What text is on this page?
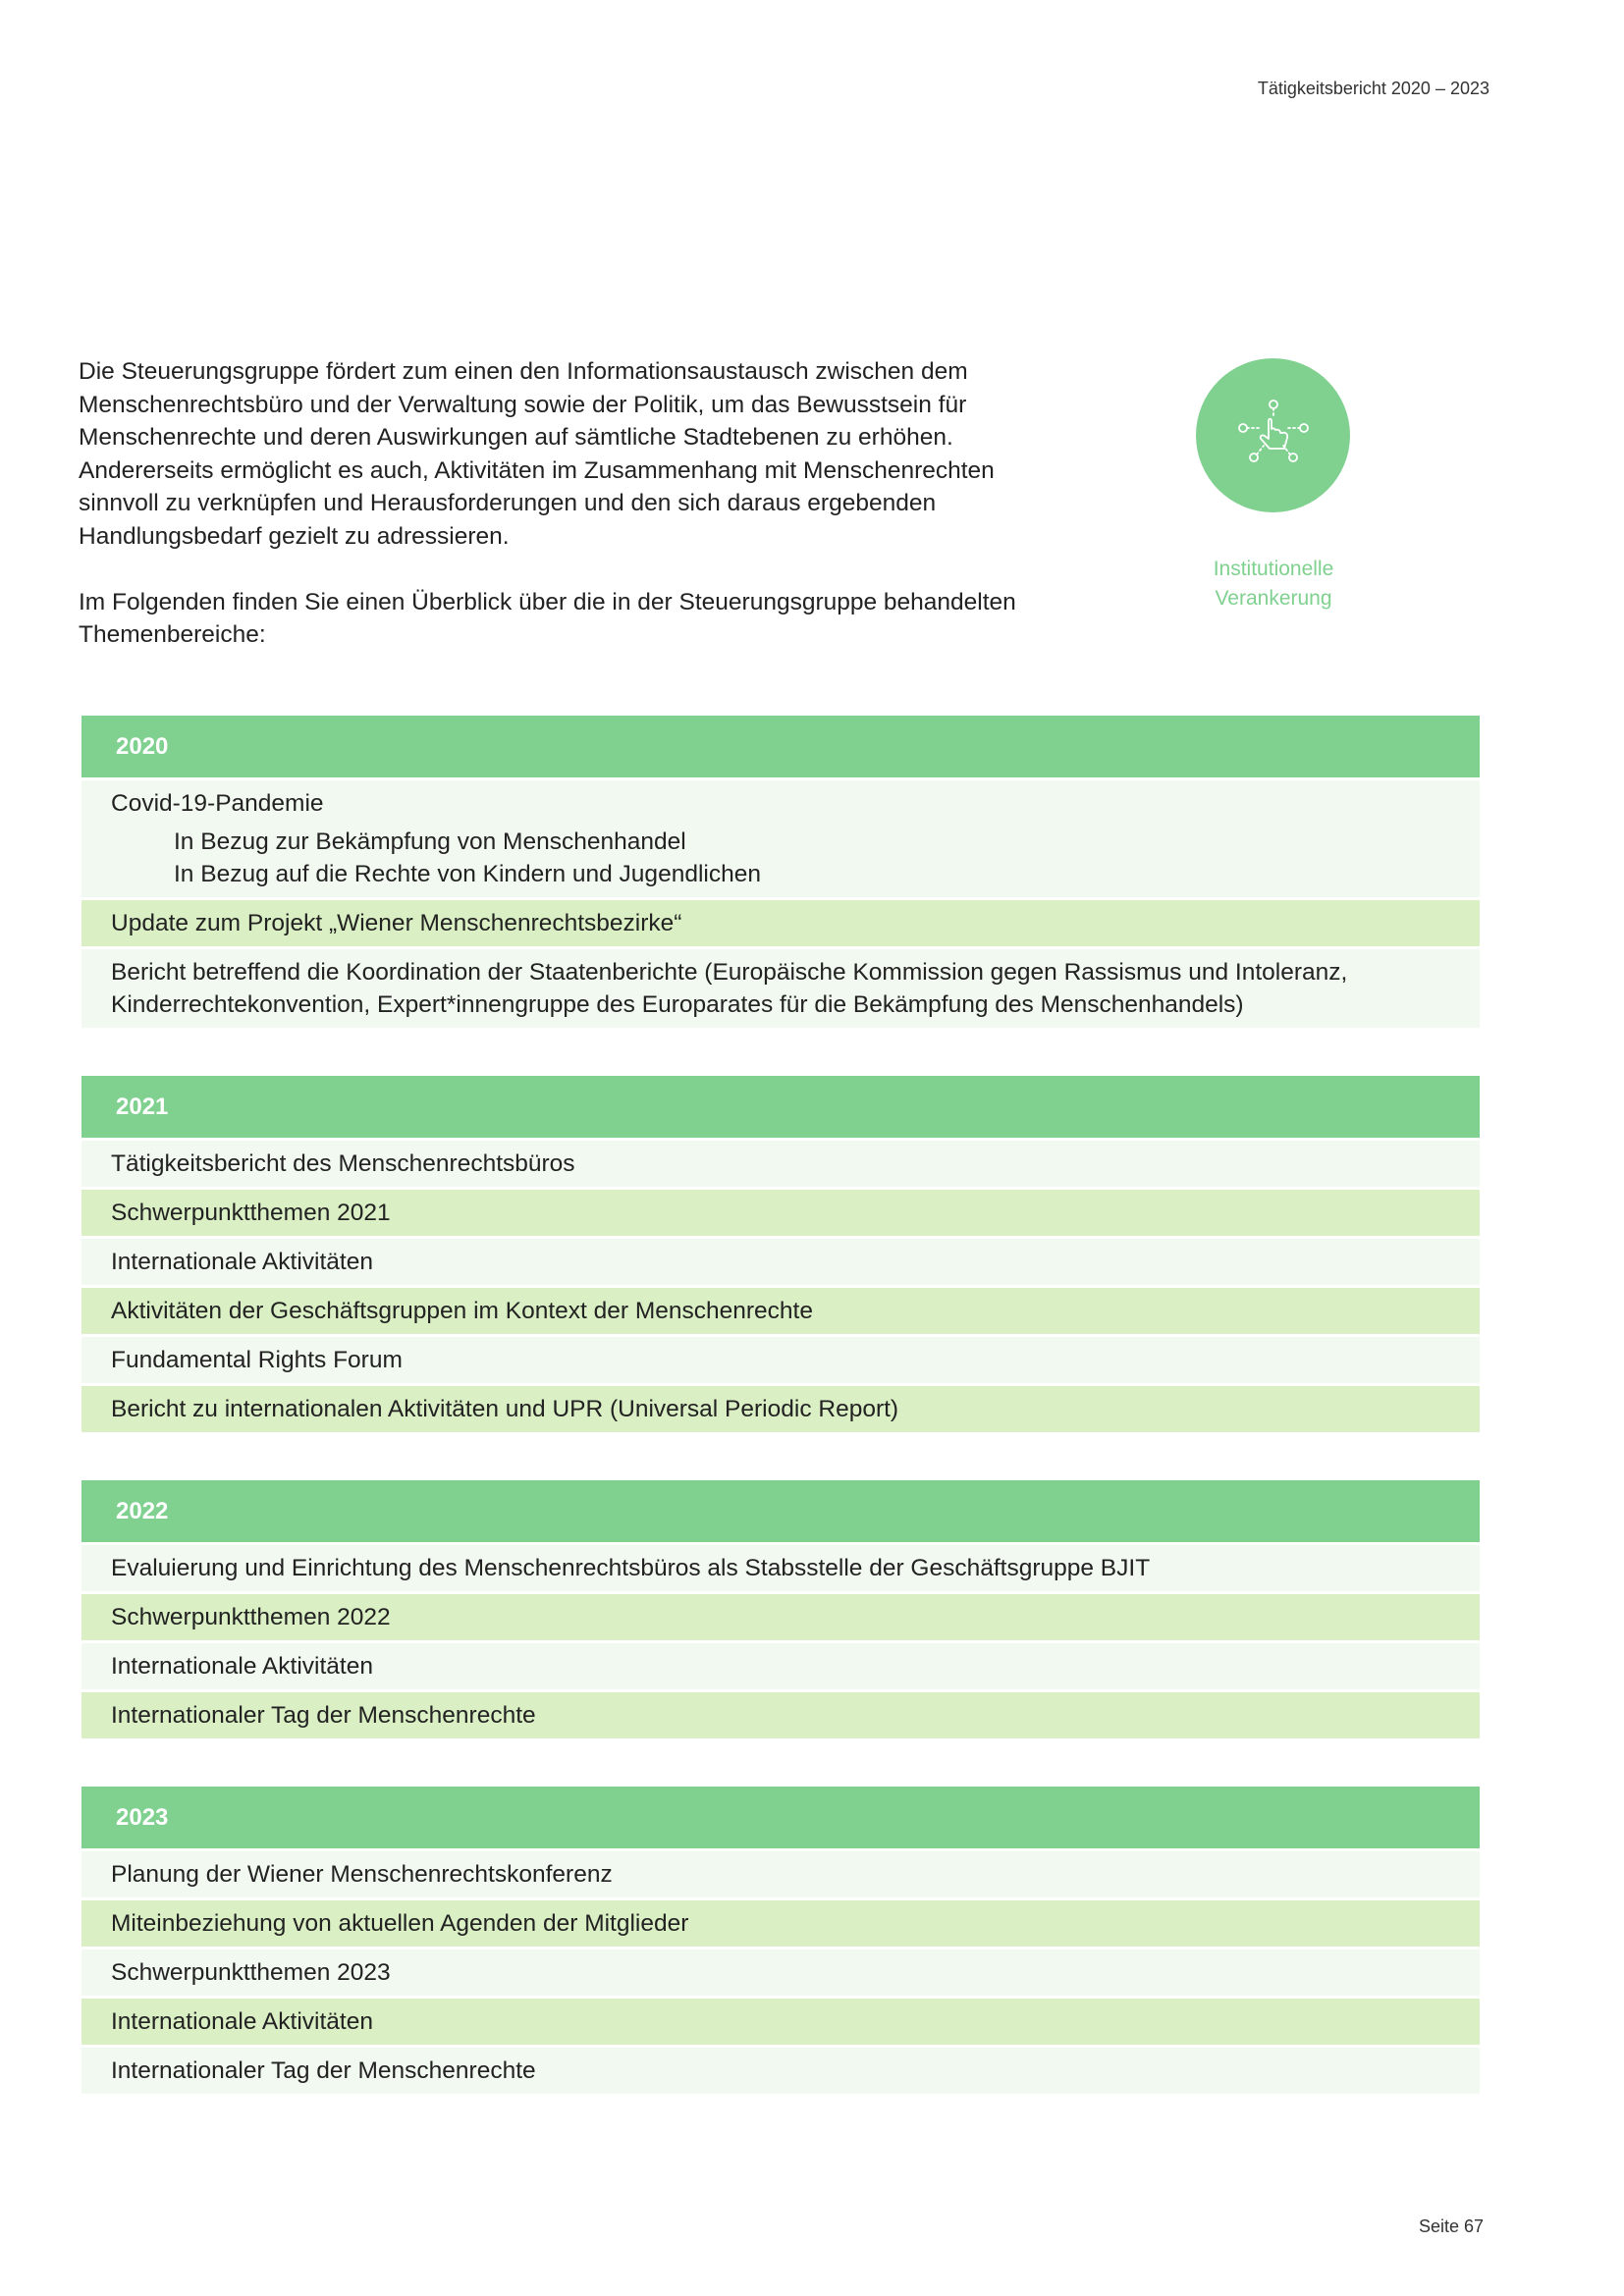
Tätigkeitsbericht 2020 – 2023

Die Steuerungsgruppe fördert zum einen den Informationsaustausch zwischen dem Menschenrechtsbüro und der Verwaltung sowie der Politik, um das Bewusstsein für Menschenrechte und deren Auswirkungen auf sämtliche Stadtebenen zu erhöhen. Andererseits ermöglicht es auch, Aktivitäten im Zusammenhang mit Menschenrechten sinnvoll zu verknüpfen und Herausforderungen und den sich daraus ergebenden Handlungsbedarf gezielt zu adressieren.

Im Folgenden finden Sie einen Überblick über die in der Steuerungsgruppe behandelten Themenbereiche:

Institutionelle
Verankerung
2020
Covid-19-Pandemie
In Bezug zur Bekämpfung von Menschenhandel
In Bezug auf die Rechte von Kindern und Jugendlichen
Update zum Projekt „Wiener Menschenrechtsbezirke“
Bericht betreffend die Koordination der Staatenberichte (Europäische Kommission gegen Rassismus und Intoleranz, Kinderrechtekonvention, Expert*innengruppe des Europarates für die Bekämpfung des Menschenhandels)
2021
Tätigkeitsbericht des Menschenrechtsbüros
Schwerpunktthemen 2021
Internationale Aktivitäten
Aktivitäten der Geschäftsgruppen im Kontext der Menschenrechte
Fundamental Rights Forum
Bericht zu internationalen Aktivitäten und UPR (Universal Periodic Report)
2022
Evaluierung und Einrichtung des Menschenrechtsbüros als Stabsstelle der Geschäftsgruppe BJIT
Schwerpunktthemen 2022
Internationale Aktivitäten
Internationaler Tag der Menschenrechte
2023
Planung der Wiener Menschenrechtskonferenz
Miteinbeziehung von aktuellen Agenden der Mitglieder
Schwerpunktthemen 2023
Internationale Aktivitäten
Internationaler Tag der Menschenrechte
Seite 67
